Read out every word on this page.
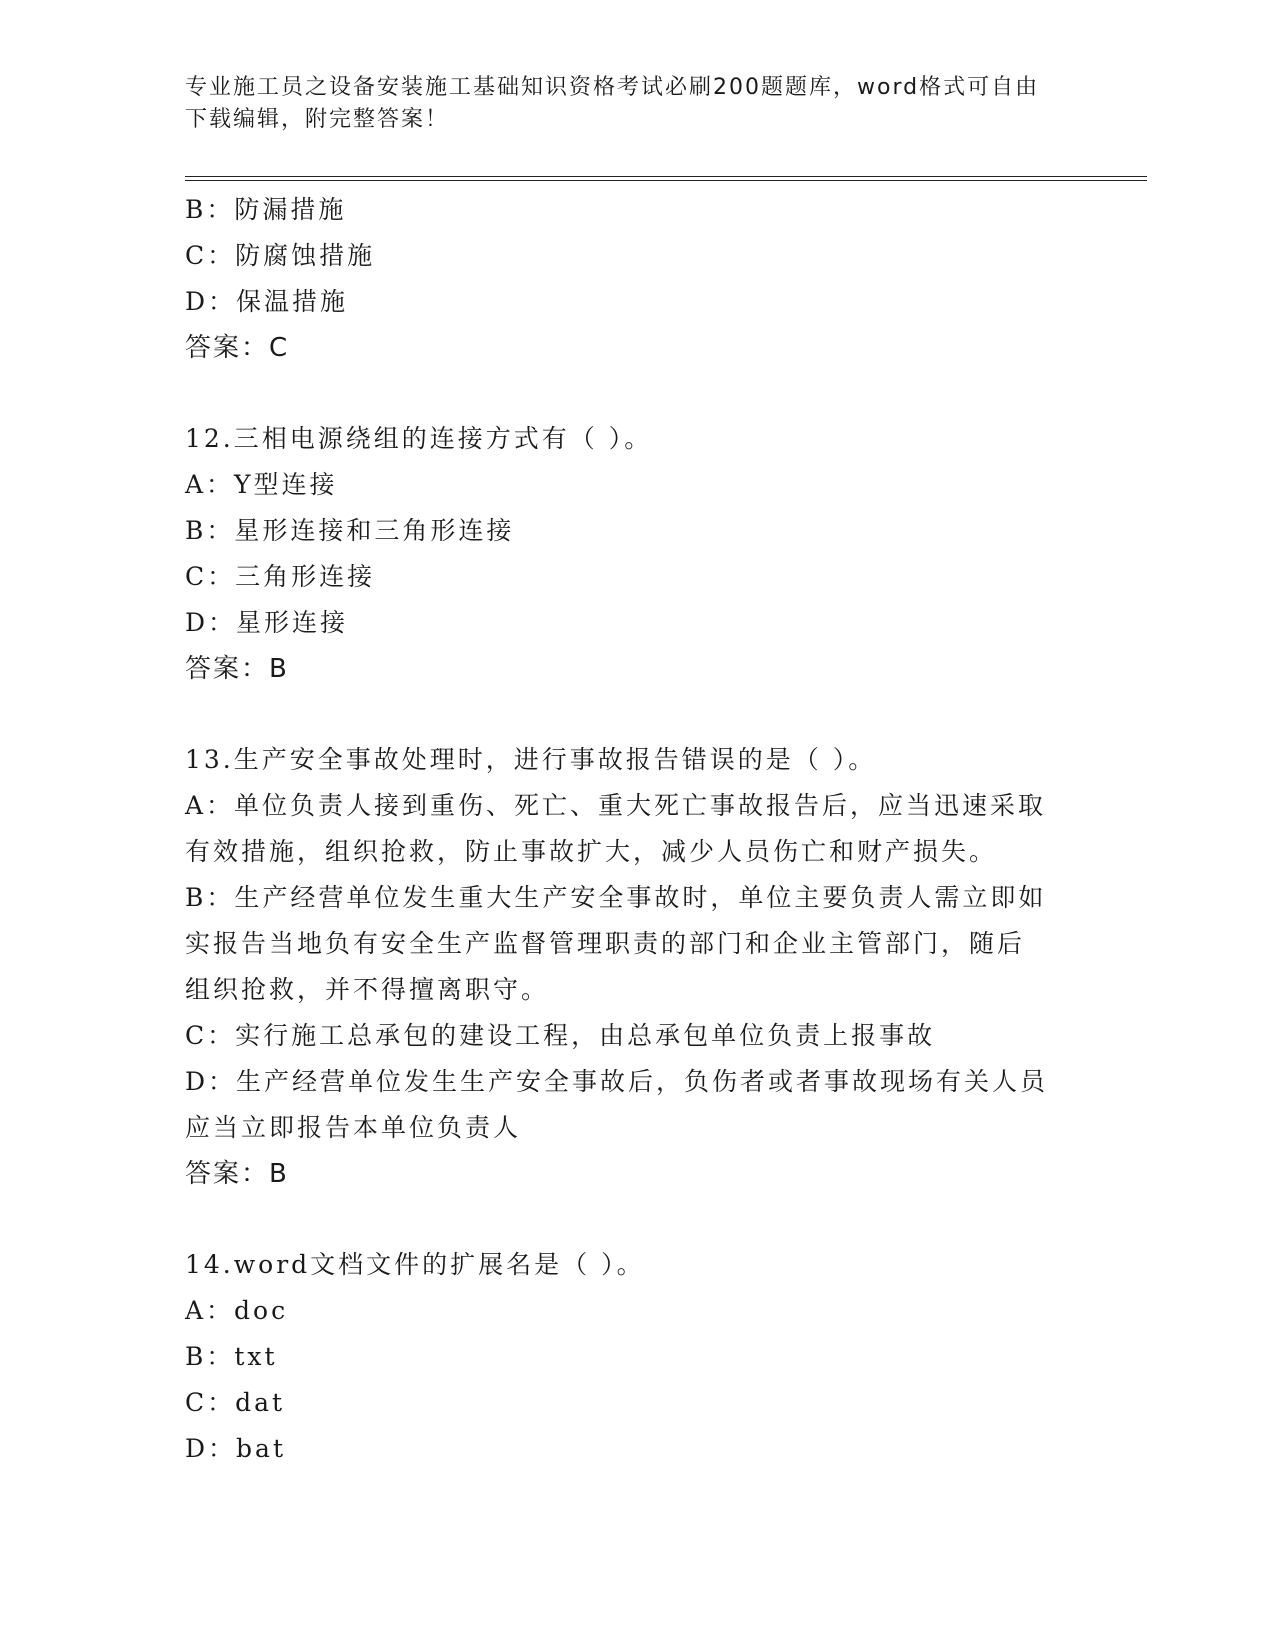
专业施工员之设备安装施工基础知识资格考试必刷200题题库，word格式可自由
下载编辑，附完整答案！
B：防漏措施
C：防腐蚀措施
D：保温措施
答案：C
12.三相电源绕组的连接方式有（ ）。
A：Y型连接
B：星形连接和三角形连接
C：三角形连接
D：星形连接
答案：B
13.生产安全事故处理时，进行事故报告错误的是（ ）。
A：单位负责人接到重伤、死亡、重大死亡事故报告后，应当迅速采取
有效措施，组织抢救，防止事故扩大，减少人员伤亡和财产损失。
B：生产经营单位发生重大生产安全事故时，单位主要负责人需立即如
实报告当地负有安全生产监督管理职责的部门和企业主管部门，随后
组织抢救，并不得擅离职守。
C：实行施工总承包的建设工程，由总承包单位负责上报事故
D：生产经营单位发生生产安全事故后，负伤者或者事故现场有关人员
应当立即报告本单位负责人
答案：B
14.word文档文件的扩展名是（ ）。
A：doc
B：txt
C：dat
D：bat
